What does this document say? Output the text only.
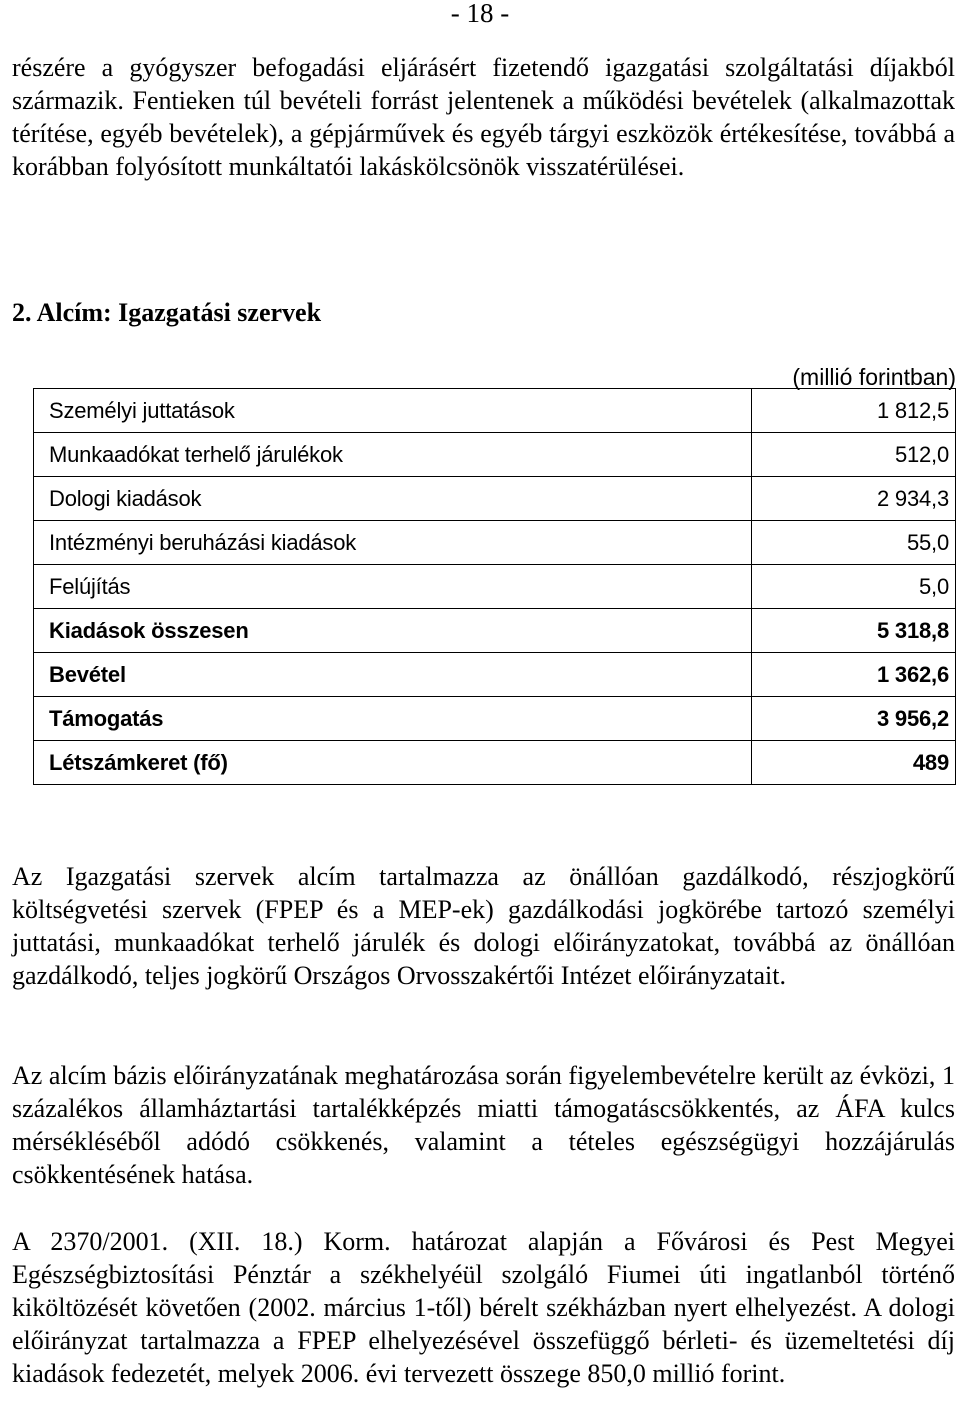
- 18 -
részére a gyógyszer befogadási eljárásért fizetendő igazgatási szolgáltatási díjakból származik. Fentieken túl bevételi forrást jelentenek a működési bevételek (alkalmazottak térítése, egyéb bevételek), a gépjárművek és egyéb tárgyi eszközök értékesítése, továbbá a korábban folyósított munkáltatói lakáskölcsönök visszatérülései.
2. Alcím: Igazgatási szervek
(millió forintban)
Személyi juttatások	1 812,5
Munkaadókat terhelő járulékok	512,0
Dologi kiadások	2 934,3
Intézményi beruházási kiadások	55,0
Felújítás	5,0
Kiadások összesen	5 318,8
Bevétel	1 362,6
Támogatás	3 956,2
Létszámkeret (fő)	489
Az Igazgatási szervek alcím tartalmazza az önállóan gazdálkodó, részjogkörű költségvetési szervek (FPEP és a MEP-ek) gazdálkodási jogkörébe tartozó személyi juttatási, munkaadókat terhelő járulék és dologi előirányzatokat, továbbá az önállóan gazdálkodó, teljes jogkörű Országos Orvosszakértői Intézet előirányzatait.
Az alcím bázis előirányzatának meghatározása során figyelembevételre került az évközi, 1 százalékos államháztartási tartalékképzés miatti támogatáscsökkentés, az ÁFA kulcs mérsékléséből adódó csökkenés, valamint a tételes egészségügyi hozzájárulás csökkentésének hatása.
A 2370/2001. (XII. 18.) Korm. határozat alapján a Fővárosi és Pest Megyei Egészségbiztosítási Pénztár a székhelyéül szolgáló Fiumei úti ingatlanból történő kiköltözését követően (2002. március 1-től) bérelt székházban nyert elhelyezést. A dologi előirányzat tartalmazza a FPEP elhelyezésével összefüggő bérleti- és üzemeltetési díj kiadások fedezetét, melyek 2006. évi tervezett összege 850,0 millió forint.
